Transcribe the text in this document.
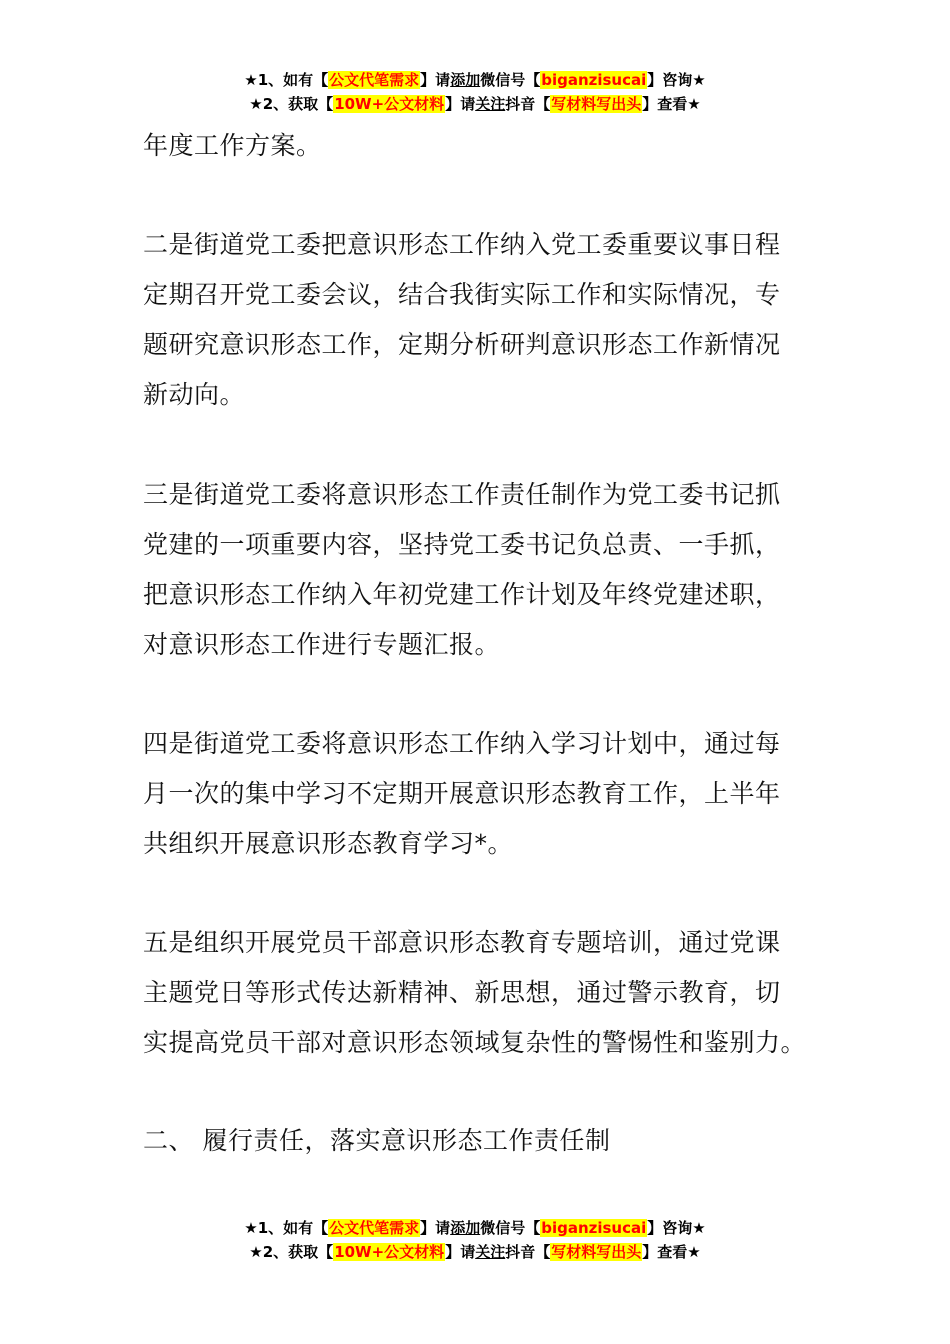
★1、如有【公文代笔需求】请添加微信号【biganzisucai】咨询★
★2、获取【10W+公文材料】请关注抖音【写材料写出头】查看★

年度工作方案。

二是街道党工委把意识形态工作纳入党工委重要议事日程
定期召开党工委会议，结合我街实际工作和实际情况，专
题研究意识形态工作，定期分析研判意识形态工作新情况
新动向。

三是街道党工委将意识形态工作责任制作为党工委书记抓
党建的一项重要内容，坚持党工委书记负总责、一手抓，
把意识形态工作纳入年初党建工作计划及年终党建述职，
对意识形态工作进行专题汇报。

四是街道党工委将意识形态工作纳入学习计划中，通过每
月一次的集中学习不定期开展意识形态教育工作，上半年
共组织开展意识形态教育学习*。

五是组织开展党员干部意识形态教育专题培训，通过党课
主题党日等形式传达新精神、新思想，通过警示教育，切
实提高党员干部对意识形态领域复杂性的警惕性和鉴别力。

二、 履行责任，落实意识形态工作责任制

★1、如有【公文代笔需求】请添加微信号【biganzisucai】咨询★
★2、获取【10W+公文材料】请关注抖音【写材料写出头】查看★
